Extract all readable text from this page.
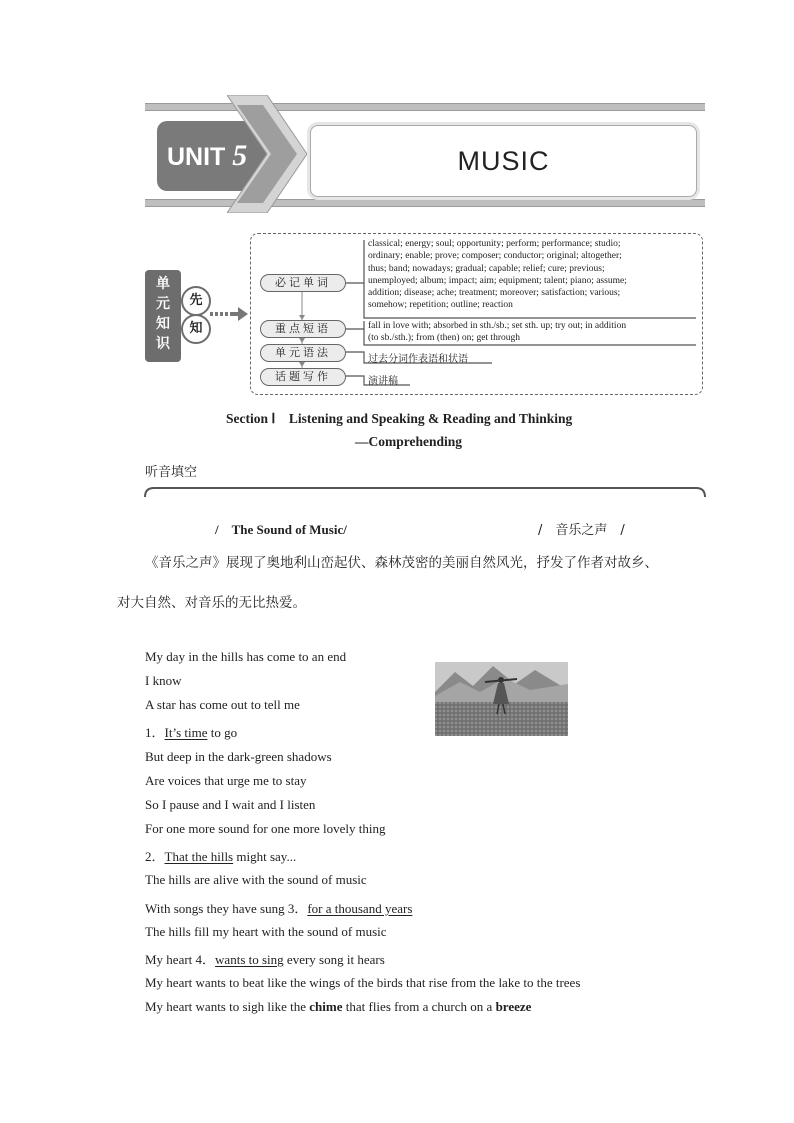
UNIT 5	MUSIC
单
元
知
识
先
知
必记单词
重点短语
单元语法
话题写作
classical; energy; soul; opportunity; perform; performance; studio;
ordinary; enable; prove; composer; conductor; original; altogether;
thus; band; nowadays; gradual; capable; relief; cure; previous;
unemployed; album; impact; aim; equipment; talent; piano; assume;
addition; disease; ache; treatment; moreover; satisfaction; various;
somehow; repetition; outline; reaction
fall in love with; absorbed in sth./sb.; set sth. up; try out; in addition
(to sb./sth.); from (then) on; get through
过去分词作表语和状语
演讲稿
Section Ⅰ　Listening and Speaking & Reading and Thinking
—Comprehending
听音填空
/　The Sound of Music/	/　音乐之声　/
《音乐之声》展现了奥地利山峦起伏、森林茂密的美丽自然风光，抒发了作者对故乡、
对大自然、对音乐的无比热爱。
My day in the hills has come to an end
I know
A star has come out to tell me
1．It’s time to go
But deep in the dark-green shadows
Are voices that urge me to stay
So I pause and I wait and I listen
For one more sound for one more lovely thing
2．That the hills might say...
The hills are alive with the sound of music
With songs they have sung 3．for a thousand years
The hills fill my heart with the sound of music
My heart 4．wants to sing every song it hears
My heart wants to beat like the wings of the birds that rise from the lake to the trees
My heart wants to sigh like the chime that flies from a church on a breeze
